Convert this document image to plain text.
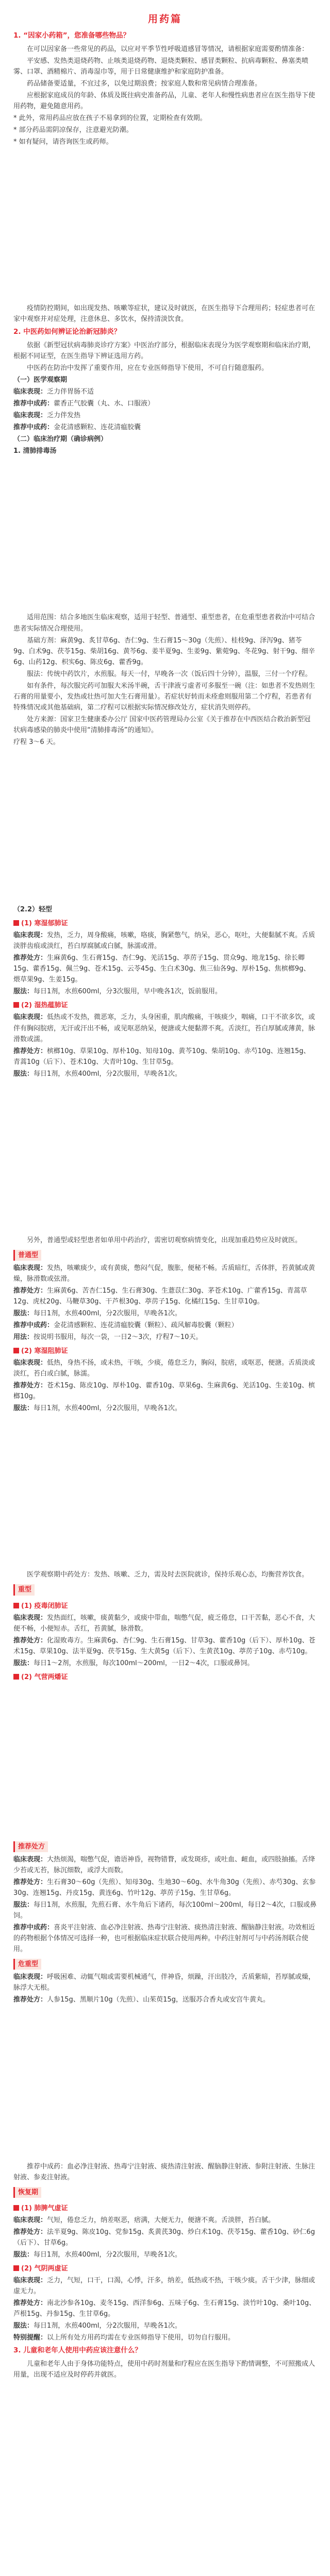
用药篇
1. “因家小药箱”，您准备哪些物品？

在可以因家备一些常见的药品，以应对平季节性呼吸道感冒等情况，请根据家庭需要酌情准备：

平安感、发热类退烧药物、止咳类退烧药物、退烧类颗粒、感冒类颗粒、抗病毒颗粒、鼻塞类喷雾、口罩、酒精棉片、消毒湿巾等，用于日常健康维护和家庭防护准备。

药品储备要适量，不宜过多，以免过期浪费；按家庭人数和常见病情合理准备。

应根据家庭成员的年龄、体质及既往病史准备药品，儿童、老年人和慢性病患者应在医生指导下使用药物，避免随意用药。

* 此外，常用药品应放在孩子不易拿到的位置，定期检查有效期。

* 部分药品需阴凉保存，注意避光防潮。

* 如有疑问，请咨询医生或药师。

疫情防控期间，如出现发热、咳嗽等症状，建议及时就医，在医生指导下合理用药；轻症患者可在家中观察并对症处理，注意休息、多饮水，保持清淡饮食。

2. 中医药如何辨证论治新冠肺炎？

依据《新型冠状病毒肺炎诊疗方案》中医治疗部分，根据临床表现分为医学观察期和临床治疗期，根据不同证型，在医生指导下辨证选用方药。

中医药在防治中发挥了重要作用，应在专业医师指导下使用，不可自行随意服药。

（一）医学观察期

临床表现：乏力伴胃肠不适

推荐中成药：藿香正气胶囊（丸、水、口服液）

临床表现：乏力伴发热

推荐中成药：金花清感颗粒、连花清瘟胶囊

（二）临床治疗期（确诊病例）
1. 清肺排毒汤

适用范围：结合多地医生临床观察，适用于轻型、普通型、重型患者，在危重型患者救治中可结合患者实际情况合理使用。

基础方剂：麻黄9g、炙甘草6g、杏仁9g、生石膏15～30g（先煎）、桂枝9g、泽泻9g、猪苓9g、白术9g、茯苓15g、柴胡16g、黄芩6g、姜半夏9g、生姜9g、紫菀9g、冬花9g、射干9g、细辛6g、山药12g、枳实6g、陈皮6g、藿香9g。

服法：传统中药饮片，水煎服。每天一付，早晚各一次（饭后四十分钟），温服，三付一个疗程。

如有条件，每次服完药可加服大米汤半碗，舌干津液亏虚者可多服至一碗（注：如患者不发热则生石膏的用量要小，发热或壮热可加大生石膏用量）。若症状好转而未痊愈则服用第二个疗程，若患者有特殊情况或其他基础病，第二疗程可以根据实际情况修改处方，症状消失则停药。

处方来源：国家卫生健康委办公厅 国家中医药管理局办公室《关于推荐在中西医结合救治新型冠状病毒感染的肺炎中使用“清肺排毒汤”的通知》。

疗程 3～6 天。

（2.2）轻型
(1) 寒湿郁肺证

临床表现：发热，乏力，周身酸痛，咳嗽，咯痰，胸紧憋气，纳呆，恶心，呕吐，大便黏腻不爽。舌质淡胖齿痕或淡红，苔白厚腐腻或白腻，脉濡或滑。

推荐处方：生麻黄6g、生石膏15g、杏仁9g、羌活15g、葶苈子15g、贯众9g、地龙15g、徐长卿15g、藿香15g、佩兰9g、苍术15g、云苓45g、生白术30g、焦三仙各9g、厚朴15g、焦槟榔9g、煨草果9g、生姜15g。

服法：每日1剂，水煎600ml，分3次服用，早中晚各1次，饭前服用。

(2) 湿热蕴肺证

临床表现：低热或不发热，微恶寒，乏力，头身困重，肌肉酸痛，干咳痰少，咽痛，口干不欲多饮，或伴有胸闷脘痞，无汗或汗出不畅，或见呕恶纳呆，便溏或大便黏滞不爽。舌淡红，苔白厚腻或薄黄，脉滑数或濡。

推荐处方：槟榔10g、草果10g、厚朴10g、知母10g、黄芩10g、柴胡10g、赤芍10g、连翘15g、青蒿10g（后下）、苍术10g、大青叶10g、生甘草5g。

服法：每日1剂，水煎400ml，分2次服用，早晚各1次。

另外，普通型或轻型患者如单用中药治疗，需密切观察病情变化，出现加重趋势应及时就医。

普通型

临床表现：发热，咳嗽痰少，或有黄痰，憋闷气促，腹胀，便秘不畅。舌质暗红，舌体胖，苔黄腻或黄燥，脉滑数或弦滑。

推荐处方：生麻黄6g、苦杏仁15g、生石膏30g、生薏苡仁30g、茅苍术10g、广藿香15g、青蒿草12g、虎杖20g、马鞭草30g、干芦根30g、葶苈子15g、化橘红15g、生甘草10g。

服法：每日1剂，水煎400ml，分2次服用，早晚各1次。

推荐中成药：金花清感颗粒、连花清瘟胶囊（颗粒）、疏风解毒胶囊（颗粒）

用法：按说明书服用，每次一袋，一日2～3次，疗程7～10天。

(2) 寒湿阻肺证

临床表现：低热，身热不扬，或未热，干咳，少痰，倦怠乏力，胸闷，脘痞，或呕恶，便溏。舌质淡或淡红，苔白或白腻，脉濡。

推荐处方：苍术15g、陈皮10g、厚朴10g、藿香10g、草果6g、生麻黄6g、羌活10g、生姜10g、槟榔10g。

服法：每日1剂，水煎400ml，分2次服用，早晚各1次。

医学观察期中药处方：发热、咳嗽、乏力，需及时去医院就诊，保持乐观心态，均衡营养饮食。

重型
(1) 疫毒闭肺证

临床表现：发热面红，咳嗽，痰黄黏少，或痰中带血，喘憋气促，疲乏倦怠，口干苦黏，恶心不食，大便不畅，小便短赤。舌红，苔黄腻，脉滑数。

推荐处方：化湿败毒方。生麻黄6g、杏仁9g、生石膏15g、甘草3g、藿香10g（后下）、厚朴10g、苍术15g、草果10g、法半夏9g、茯苓15g、生大黄5g（后下）、生黄芪10g、葶苈子10g、赤芍10g。

服法：每日1～2剂，水煎服，每次100ml～200ml，一日2～4次，口服或鼻饲。

(2) 气营两燔证
推荐处方

临床表现：大热烦渴，喘憋气促，谵语神昏，视物错瞀，或发斑疹，或吐血、衄血，或四肢抽搐。舌绛少苔或无苔，脉沉细数，或浮大而数。

推荐处方：生石膏30～60g（先煎）、知母30g、生地30～60g、水牛角30g（先煎）、赤芍30g、玄参30g、连翘15g、丹皮15g、黄连6g、竹叶12g、葶苈子15g、生甘草6g。

服法：每日1剂，水煎服，先煎石膏、水牛角后下诸药，每次100ml～200ml，每日2～4次，口服或鼻饲。

推荐中成药：喜炎平注射液、血必净注射液、热毒宁注射液、痰热清注射液、醒脑静注射液。功效相近的药物根据个体情况可选择一种，也可根据临床症状联合使用两种。中药注射剂可与中药汤剂联合使用。

危重型

临床表现：呼吸困难、动辄气喘或需要机械通气，伴神昏，烦躁，汗出肢冷，舌质紫暗，苔厚腻或燥，脉浮大无根。

推荐处方：人参15g、黑顺片10g（先煎）、山茱萸15g，送服苏合香丸或安宫牛黄丸。

推荐中成药：血必净注射液、热毒宁注射液、痰热清注射液、醒脑静注射液、参附注射液、生脉注射液、参麦注射液。

恢复期
(1) 肺脾气虚证

临床表现：气短，倦怠乏力，纳差呕恶，痞满，大便无力，便溏不爽。舌淡胖，苔白腻。

推荐处方：法半夏9g、陈皮10g、党参15g、炙黄芪30g、炒白术10g、茯苓15g、藿香10g、砂仁6g（后下）、甘草6g。

服法：每日1剂，水煎400ml，分2次服用，早晚各1次。

(2) 气阴两虚证

临床表现：乏力，气短，口干，口渴，心悸，汗多，纳差，低热或不热，干咳少痰。舌干少津，脉细或虚无力。

推荐处方：南北沙参各10g、麦冬15g、西洋参6g、五味子6g、生石膏15g、淡竹叶10g、桑叶10g、芦根15g、丹参15g、生甘草6g。

服法：每日1剂，水煎400ml，分2次服用，早晚各1次。

特别提醒：以上所有处方用药均需在专业医师指导下使用，切勿自行服用。

3. 儿童和老年人使用中药应该注意什么？

儿童和老年人由于身体功能特点，使用中药时剂量和疗程应在医生指导下酌情调整，不可照搬成人用量，出现不适应及时停药并就医。
